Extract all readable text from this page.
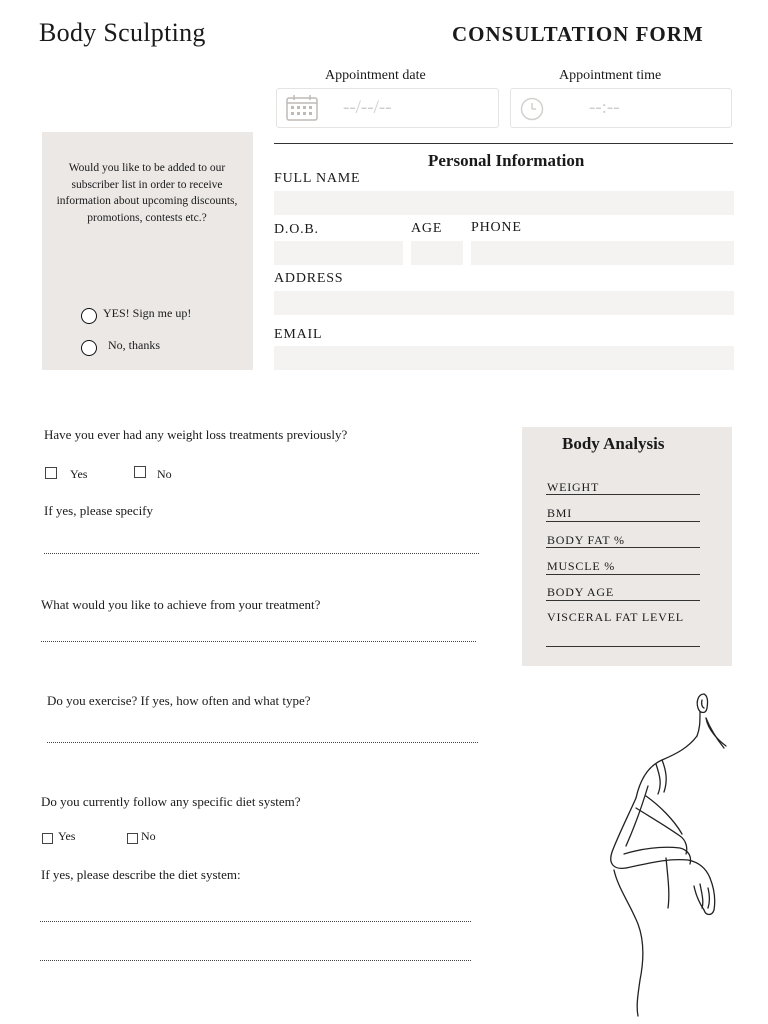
Body Sculpting	CONSULTATION FORM
Appointment date	Appointment time
--/--/--	--:--
Would you like to be added to our subscriber list in order to receive information about upcoming discounts, promotions, contests etc.?
YES! Sign me up!
No, thanks
Personal Information
FULL NAME
D.O.B.	AGE PHONE
ADDRESS
EMAIL
Have you ever had any weight loss treatments previously?
Yes	No
If yes, please specify
What would you like to achieve from your treatment?
Do you exercise? If yes, how often and what type?
Do you currently follow any specific diet system?
Yes	No
If yes, please describe the diet system:
Body Analysis
WEIGHT
BMI
BODY FAT %
MUSCLE %
BODY AGE
VISCERAL FAT LEVEL
